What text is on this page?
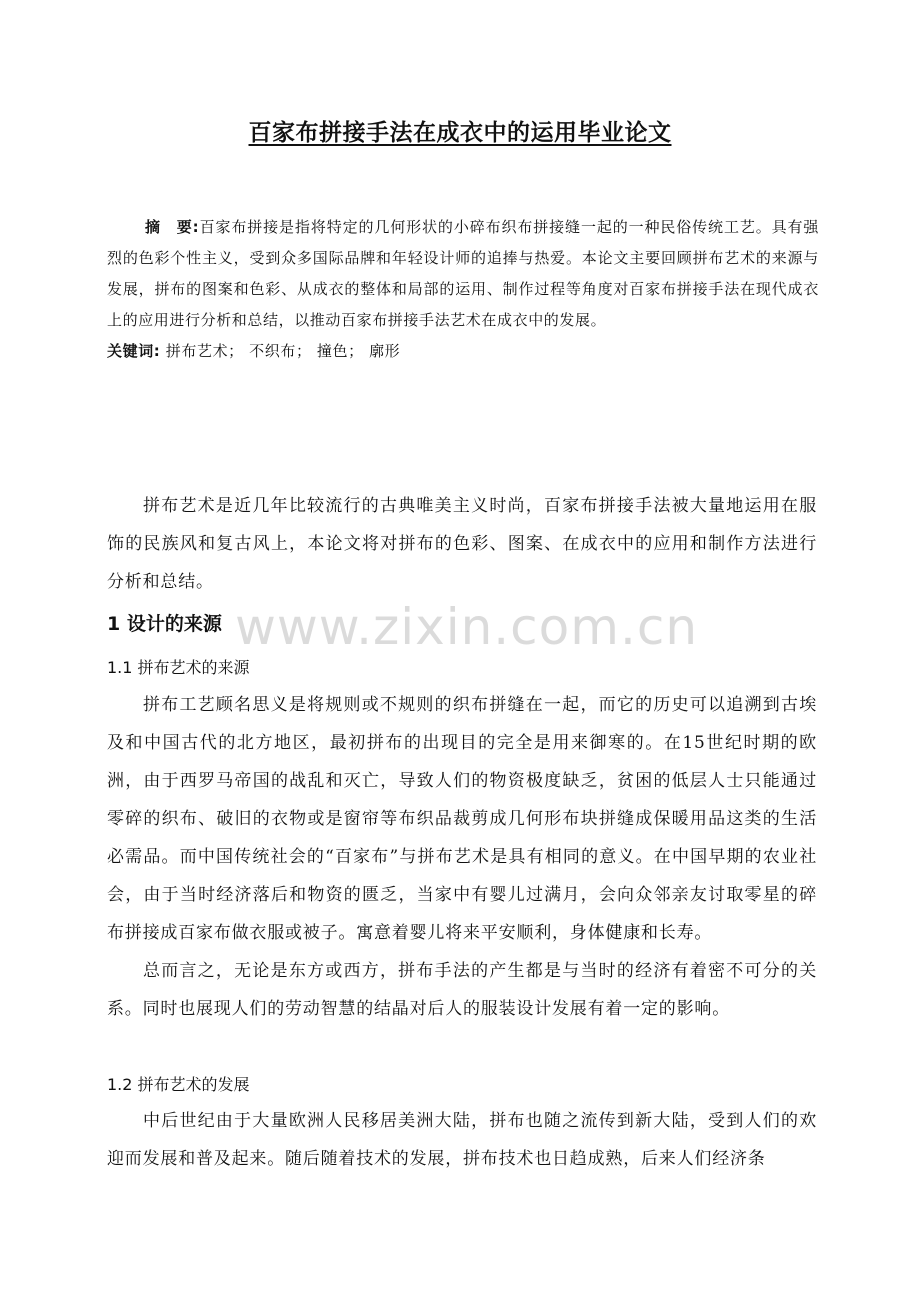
百家布拼接手法在成衣中的运用毕业论文

摘　要:百家布拼接是指将特定的几何形状的小碎布织布拼接缝一起的一种民俗传统工艺。具有强烈的色彩个性主义，受到众多国际品牌和年轻设计师的追捧与热爱。本论文主要回顾拼布艺术的来源与发展，拼布的图案和色彩、从成衣的整体和局部的运用、制作过程等角度对百家布拼接手法在现代成衣上的应用进行分析和总结，以推动百家布拼接手法艺术在成衣中的发展。

关键词: 拼布艺术； 不织布； 撞色； 廓形

拼布艺术是近几年比较流行的古典唯美主义时尚，百家布拼接手法被大量地运用在服饰的民族风和复古风上，本论文将对拼布的色彩、图案、在成衣中的应用和制作方法进行分析和总结。

1 设计的来源
1.1 拼布艺术的来源

拼布工艺顾名思义是将规则或不规则的织布拼缝在一起，而它的历史可以追溯到古埃及和中国古代的北方地区，最初拼布的出现目的完全是用来御寒的。在15世纪时期的欧洲，由于西罗马帝国的战乱和灭亡，导致人们的物资极度缺乏，贫困的低层人士只能通过零碎的织布、破旧的衣物或是窗帘等布织品裁剪成几何形布块拼缝成保暖用品这类的生活必需品。而中国传统社会的“百家布”与拼布艺术是具有相同的意义。在中国早期的农业社会，由于当时经济落后和物资的匮乏，当家中有婴儿过满月，会向众邻亲友讨取零星的碎布拼接成百家布做衣服或被子。寓意着婴儿将来平安顺利，身体健康和长寿。

总而言之，无论是东方或西方，拼布手法的产生都是与当时的经济有着密不可分的关系。同时也展现人们的劳动智慧的结晶对后人的服装设计发展有着一定的影响。

1.2 拼布艺术的发展

中后世纪由于大量欧洲人民移居美洲大陆，拼布也随之流传到新大陆，受到人们的欢迎而发展和普及起来。随后随着技术的发展，拼布技术也日趋成熟，后来人们经济条

www.zixin.com.cn
